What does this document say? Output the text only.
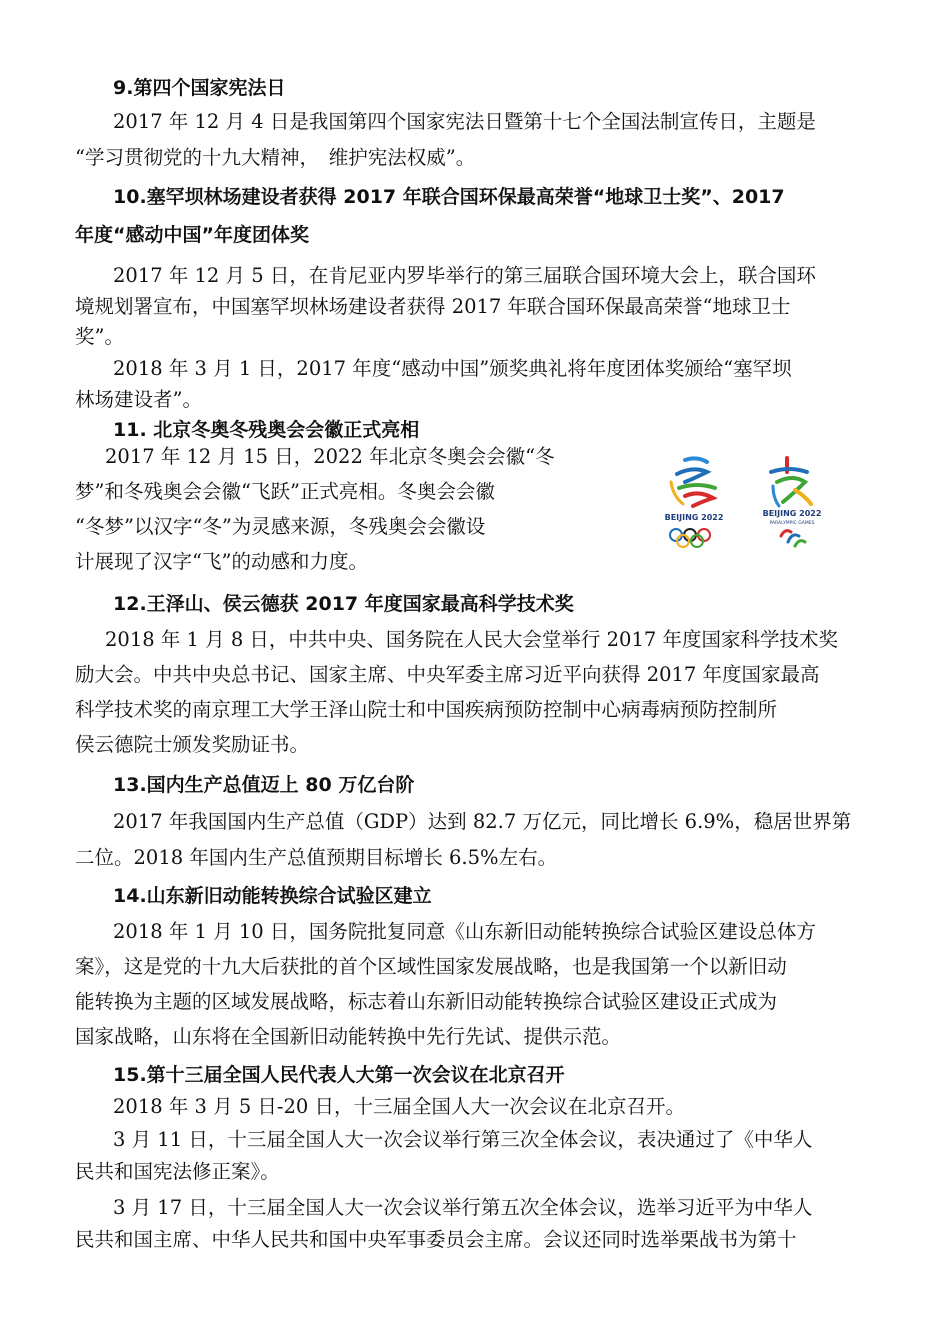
9.第四个国家宪法日
2017 年 12 月 4 日是我国第四个国家宪法日暨第十七个全国法制宣传日，主题是
“学习贯彻党的十九大精神，　维护宪法权威”。
10.塞罕坝林场建设者获得 2017 年联合国环保最高荣誉“地球卫士奖”、2017
年度“感动中国”年度团体奖
2017 年 12 月 5 日，在肯尼亚内罗毕举行的第三届联合国环境大会上，联合国环
境规划署宣布，中国塞罕坝林场建设者获得 2017 年联合国环保最高荣誉“地球卫士
奖”。
2018 年 3 月 1 日，2017 年度“感动中国”颁奖典礼将年度团体奖颁给“塞罕坝
林场建设者”。
11. 北京冬奥冬残奥会会徽正式亮相
2017 年 12 月 15 日，2022 年北京冬奥会会徽“冬
梦”和冬残奥会会徽“飞跃”正式亮相。冬奥会会徽
“冬梦”以汉字“冬”为灵感来源，冬残奥会会徽设
计展现了汉字“飞”的动感和力度。
BEIJING 2022	BEIJING 2022
PARALYMPIC GAMES
12.王泽山、侯云德获 2017 年度国家最高科学技术奖
2018 年 1 月 8 日，中共中央、国务院在人民大会堂举行 2017 年度国家科学技术奖
励大会。中共中央总书记、国家主席、中央军委主席习近平向获得 2017 年度国家最高
科学技术奖的南京理工大学王泽山院士和中国疾病预防控制中心病毒病预防控制所
侯云德院士颁发奖励证书。
13.国内生产总值迈上 80 万亿台阶
2017 年我国国内生产总值（GDP）达到 82.7 万亿元，同比增长 6.9%，稳居世界第
二位。2018 年国内生产总值预期目标增长 6.5%左右。
14.山东新旧动能转换综合试验区建立
2018 年 1 月 10 日，国务院批复同意《山东新旧动能转换综合试验区建设总体方
案》，这是党的十九大后获批的首个区域性国家发展战略，也是我国第一个以新旧动
能转换为主题的区域发展战略，标志着山东新旧动能转换综合试验区建设正式成为
国家战略，山东将在全国新旧动能转换中先行先试、提供示范。
15.第十三届全国人民代表人大第一次会议在北京召开
2018 年 3 月 5 日-20 日，十三届全国人大一次会议在北京召开。
3 月 11 日，十三届全国人大一次会议举行第三次全体会议，表决通过了《中华人
民共和国宪法修正案》。
3 月 17 日，十三届全国人大一次会议举行第五次全体会议，选举习近平为中华人
民共和国主席、中华人民共和国中央军事委员会主席。会议还同时选举栗战书为第十
